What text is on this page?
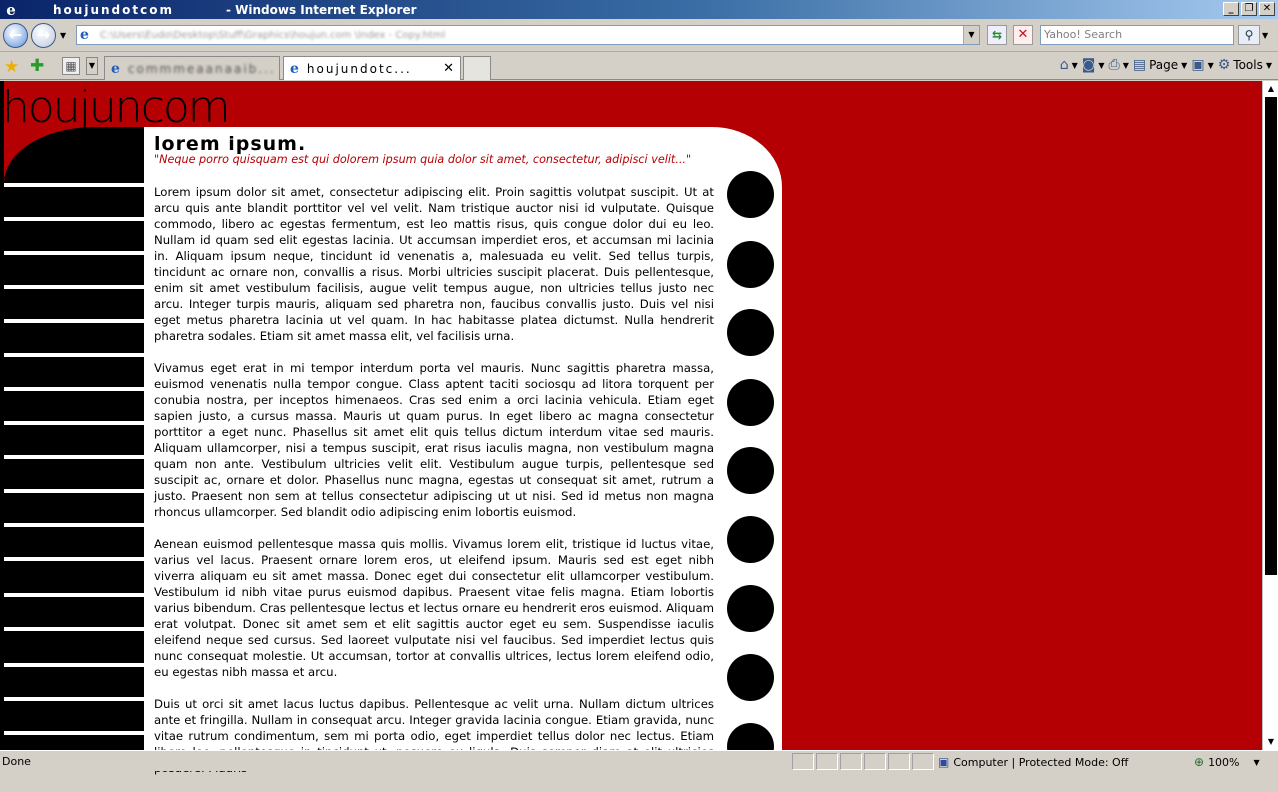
e	houjundotcom	- Windows Internet Explorer	_	❐ ✕
← →	▼ e	C:\Users\Eudo\Desktop\Stuff\Graphics\houjun.com \Index - Copy.html	▼	⇆	✕	Yahoo! Search	⚲	▼
★ ✚ ▦	▼ e commmeaanaaib... e houjundotc... ✕	⌂ ▼ ◙ ▼ ⎙ ▼ ▤ Page ▼ ▣ ▼ ⚙ Tools ▼
houjuncom
lorem ipsum.
"Neque porro quisquam est qui dolorem ipsum quia dolor sit amet, consectetur, adipisci velit..."

Lorem ipsum dolor sit amet, consectetur adipiscing elit. Proin sagittis volutpat suscipit. Ut at arcu quis ante blandit porttitor vel vel velit. Nam tristique auctor nisi id vulputate. Quisque commodo, libero ac egestas fermentum, est leo mattis risus, quis congue dolor dui eu leo. Nullam id quam sed elit egestas lacinia. Ut accumsan imperdiet eros, et accumsan mi lacinia in. Aliquam ipsum neque, tincidunt id venenatis a, malesuada eu velit. Sed tellus turpis, tincidunt ac ornare non, convallis a risus. Morbi ultricies suscipit placerat. Duis pellentesque, enim sit amet vestibulum facilisis, augue velit tempus augue, non ultricies tellus justo nec arcu. Integer turpis mauris, aliquam sed pharetra non, faucibus convallis justo. Duis vel nisi eget metus pharetra lacinia ut vel quam. In hac habitasse platea dictumst. Nulla hendrerit pharetra sodales. Etiam sit amet massa elit, vel facilisis urna.

Vivamus eget erat in mi tempor interdum porta vel mauris. Nunc sagittis pharetra massa, euismod venenatis nulla tempor congue. Class aptent taciti sociosqu ad litora torquent per conubia nostra, per inceptos himenaeos. Cras sed enim a orci lacinia vehicula. Etiam eget sapien justo, a cursus massa. Mauris ut quam purus. In eget libero ac magna consectetur porttitor a eget nunc. Phasellus sit amet elit quis tellus dictum interdum vitae sed mauris. Aliquam ullamcorper, nisi a tempus suscipit, erat risus iaculis magna, non vestibulum magna quam non ante. Vestibulum ultricies velit elit. Vestibulum augue turpis, pellentesque sed suscipit ac, ornare et dolor. Phasellus nunc magna, egestas ut consequat sit amet, rutrum a justo. Praesent non sem at tellus consectetur adipiscing ut ut nisi. Sed id metus non magna rhoncus ullamcorper. Sed blandit odio adipiscing enim lobortis euismod.

Aenean euismod pellentesque massa quis mollis. Vivamus lorem elit, tristique id luctus vitae, varius vel lacus. Praesent ornare lorem eros, ut eleifend ipsum. Mauris sed est eget nibh viverra aliquam eu sit amet massa. Donec eget dui consectetur elit ullamcorper vestibulum. Vestibulum id nibh vitae purus euismod dapibus. Praesent vitae felis magna. Etiam lobortis varius bibendum. Cras pellentesque lectus et lectus ornare eu hendrerit eros euismod. Aliquam erat volutpat. Donec sit amet sem et elit sagittis auctor eget eu sem. Suspendisse iaculis eleifend neque sed cursus. Sed laoreet vulputate nisi vel faucibus. Sed imperdiet lectus quis nunc consequat molestie. Ut accumsan, tortor at convallis ultrices, lectus lorem eleifend odio, eu egestas nibh massa et arcu.

Duis ut orci sit amet lacus luctus dapibus. Pellentesque ac velit urna. Nullam dictum ultrices ante et fringilla. Nullam in consequat arcu. Integer gravida lacinia congue. Etiam gravida, nunc vitae rutrum condimentum, sem mi porta odio, eget imperdiet tellus dolor nec lectus. Etiam

▲
▼
Done	▣ Computer | Protected Mode: Off	⊕ 100% ▼
